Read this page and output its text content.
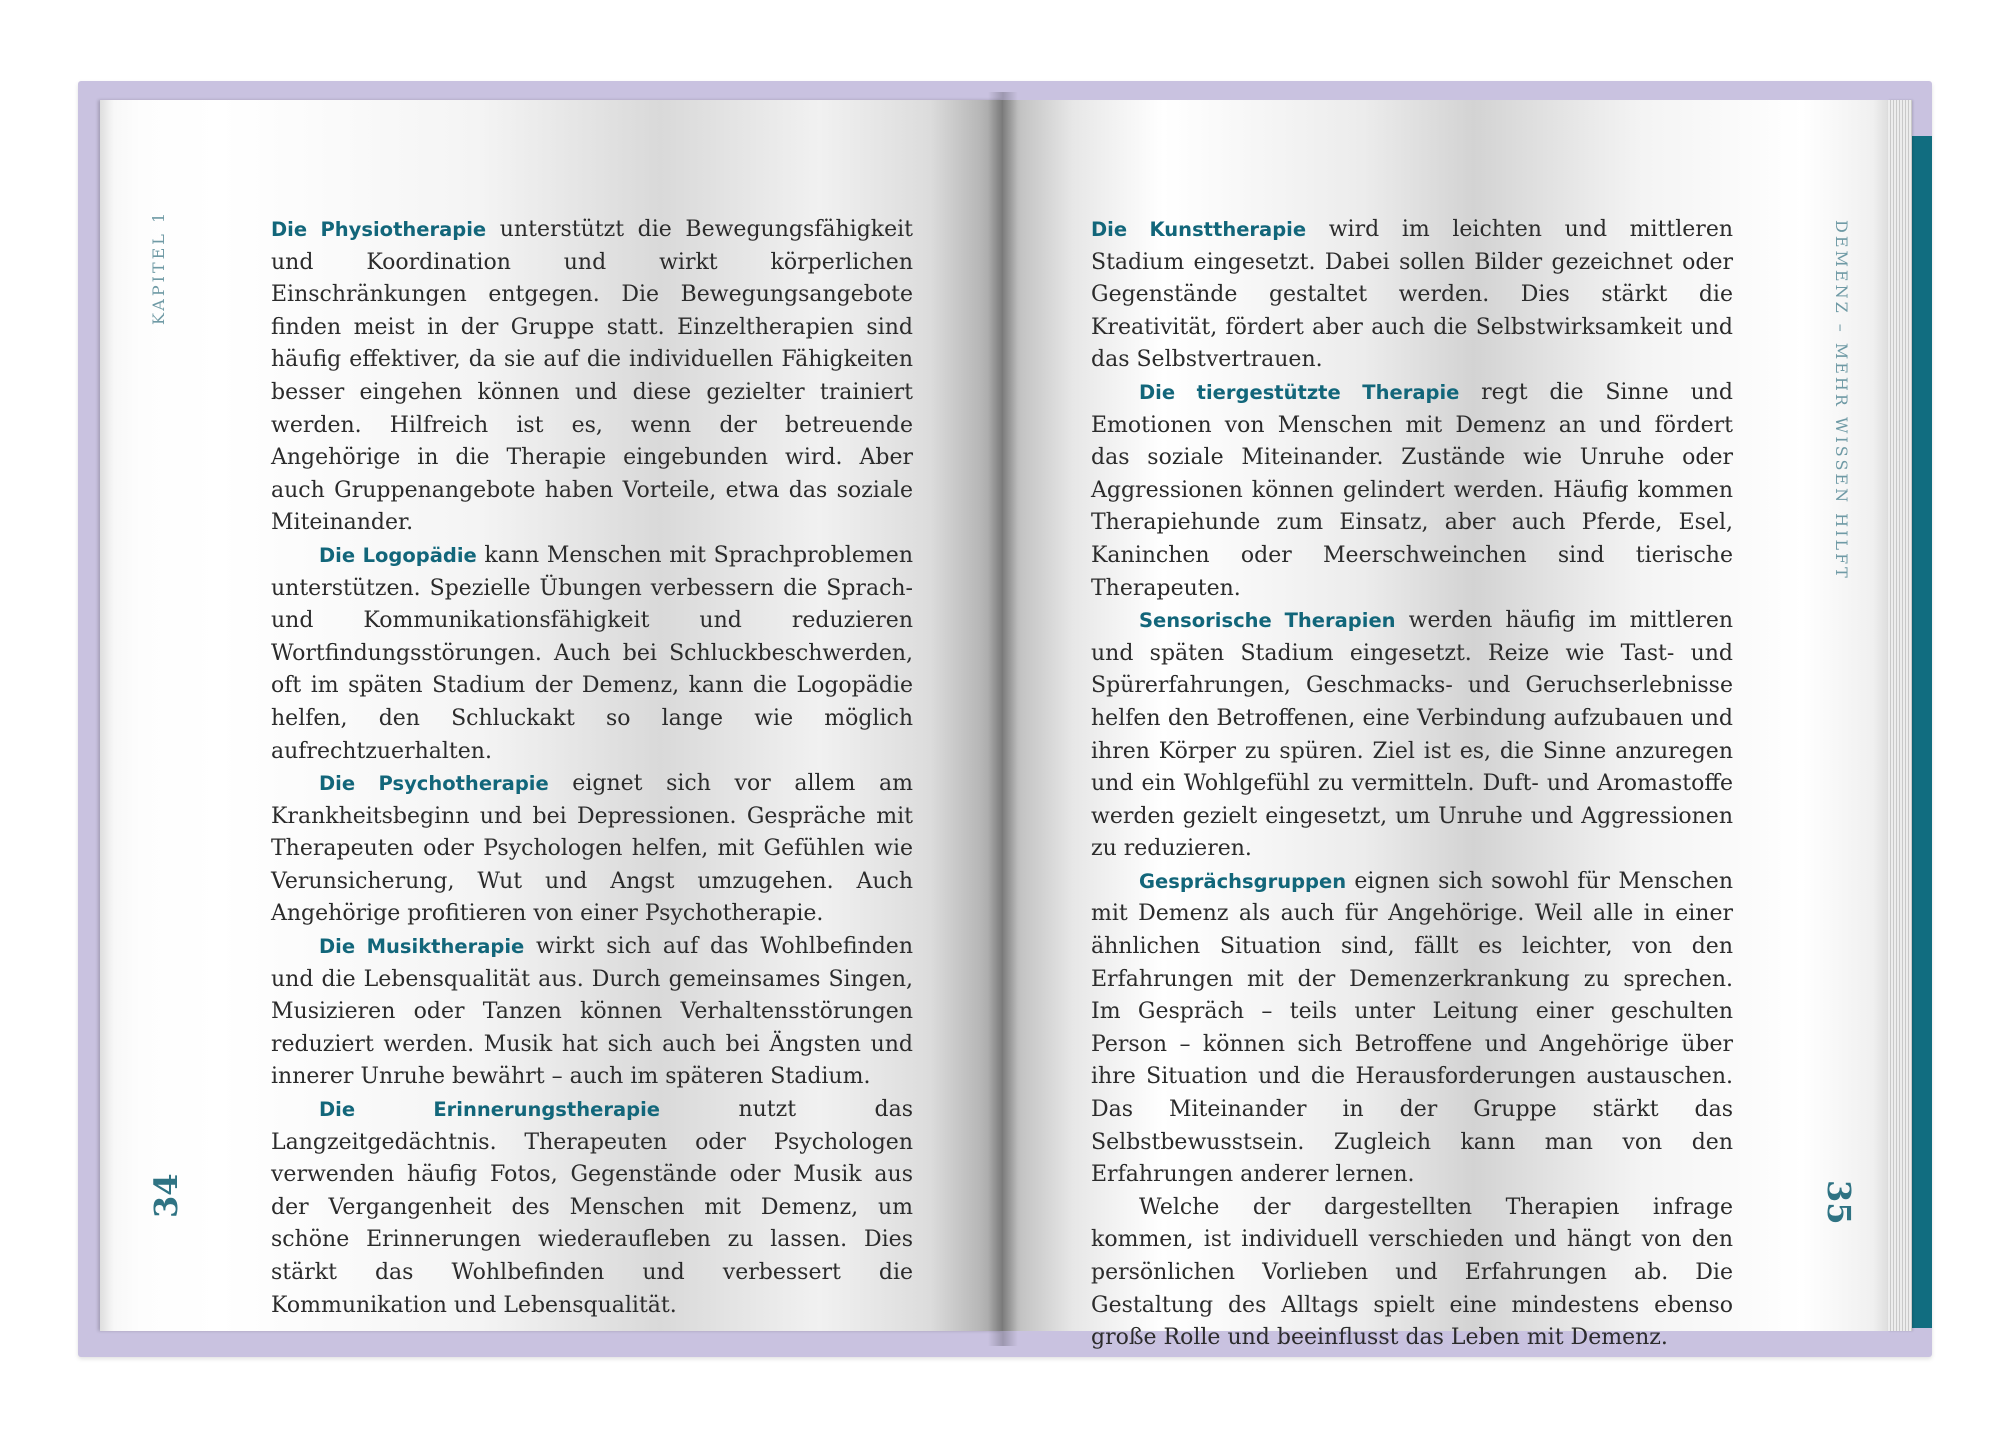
KAPITEL 1	DEMENZ – MEHR WISSEN HILFT
34	35

Die Physiotherapie unterstützt die Bewegungsfähigkeit und Koordination und wirkt körperlichen Einschränkungen entgegen. Die Bewegungsangebote finden meist in der Gruppe statt. Einzeltherapien sind häufig effektiver, da sie auf die individuellen Fähigkeiten besser eingehen können und diese gezielter trainiert werden. Hilfreich ist es, wenn der betreuende Angehörige in die Therapie eingebunden wird. Aber auch Gruppenangebote haben Vorteile, etwa das soziale Miteinander.

Die Logopädie kann Menschen mit Sprachproblemen unterstützen. Spezielle Übungen verbessern die Sprach- und Kommunikationsfähigkeit und reduzieren Wortfindungsstörungen. Auch bei Schluckbeschwerden, oft im späten Stadium der Demenz, kann die Logopädie helfen, den Schluckakt so lange wie möglich aufrechtzuerhalten.

Die Psychotherapie eignet sich vor allem am Krankheitsbeginn und bei Depressionen. Gespräche mit Therapeuten oder Psychologen helfen, mit Gefühlen wie Verunsicherung, Wut und Angst umzugehen. Auch Angehörige profitieren von einer Psychotherapie.

Die Musiktherapie wirkt sich auf das Wohlbefinden und die Lebensqualität aus. Durch gemeinsames Singen, Musizieren oder Tanzen können Verhaltensstörungen reduziert werden. Musik hat sich auch bei Ängsten und innerer Unruhe bewährt – auch im späteren Stadium.

Die Erinnerungstherapie nutzt das Langzeitgedächtnis. Therapeuten oder Psychologen verwenden häufig Fotos, Gegenstände oder Musik aus der Vergangenheit des Menschen mit Demenz, um schöne Erinnerungen wiederaufleben zu lassen. Dies stärkt das Wohlbefinden und verbessert die Kommunikation und Lebensqualität.

Die Kunsttherapie wird im leichten und mittleren Stadium eingesetzt. Dabei sollen Bilder gezeichnet oder Gegenstände gestaltet werden. Dies stärkt die Kreativität, fördert aber auch die Selbstwirksamkeit und das Selbstvertrauen.

Die tiergestützte Therapie regt die Sinne und Emotionen von Menschen mit Demenz an und fördert das soziale Miteinander. Zustände wie Unruhe oder Aggressionen können gelindert werden. Häufig kommen Therapiehunde zum Einsatz, aber auch Pferde, Esel, Kaninchen oder Meerschweinchen sind tierische Therapeuten.

Sensorische Therapien werden häufig im mittleren und späten Stadium eingesetzt. Reize wie Tast- und Spürerfahrungen, Geschmacks- und Geruchserlebnisse helfen den Betroffenen, eine Verbindung aufzubauen und ihren Körper zu spüren. Ziel ist es, die Sinne anzuregen und ein Wohlgefühl zu vermitteln. Duft- und Aromastoffe werden gezielt eingesetzt, um Unruhe und Aggressionen zu reduzieren.

Gesprächsgruppen eignen sich sowohl für Menschen mit Demenz als auch für Angehörige. Weil alle in einer ähnlichen Situation sind, fällt es leichter, von den Erfahrungen mit der Demenzerkrankung zu sprechen. Im Gespräch – teils unter Leitung einer geschulten Person – können sich Betroffene und Angehörige über ihre Situation und die Herausforderungen austauschen. Das Miteinander in der Gruppe stärkt das Selbstbewusstsein. Zugleich kann man von den Erfahrungen anderer lernen.

Welche der dargestellten Therapien infrage kommen, ist individuell verschieden und hängt von den persönlichen Vorlieben und Erfahrungen ab. Die Gestaltung des Alltags spielt eine mindestens ebenso große Rolle und beeinflusst das Leben mit Demenz.
